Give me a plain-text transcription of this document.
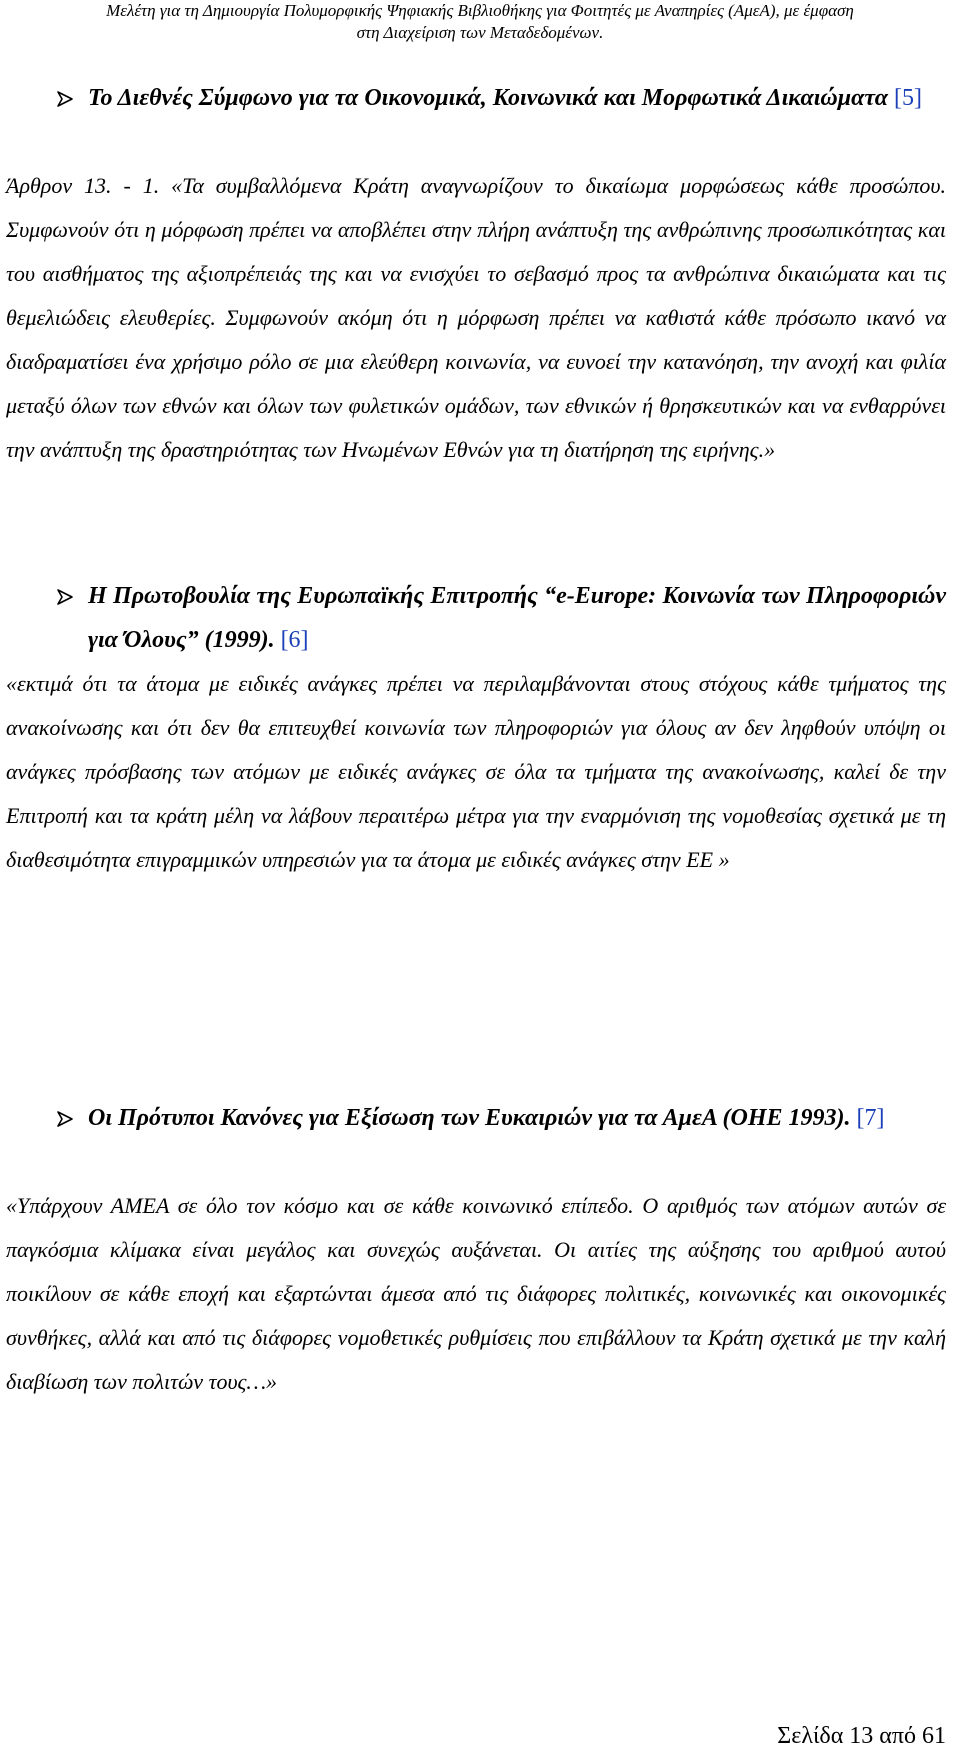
Μελέτη για τη Δημιουργία Πολυμορφικής Ψηφιακής Βιβλιοθήκης για Φοιτητές με Αναπηρίες (ΑμεΑ), με έμφαση
στη Διαχείριση των Μεταδεδομένων.
Το Διεθνές Σύμφωνο για τα Οικονομικά, Κοινωνικά και Μορφωτικά Δικαιώματα [5]
Άρθρον 13. - 1. «Τα συμβαλλόμενα Κράτη αναγνωρίζουν το δικαίωμα μορφώσεως κάθε προσώπου. Συμφωνούν ότι η μόρφωση πρέπει να αποβλέπει στην πλήρη ανάπτυξη της ανθρώπινης προσωπικότητας και του αισθήματος της αξιοπρέπειάς της και να ενισχύει το σεβασμό προς τα ανθρώπινα δικαιώματα και τις θεμελιώδεις ελευθερίες. Συμφωνούν ακόμη ότι η μόρφωση πρέπει να καθιστά κάθε πρόσωπο ικανό να διαδραματίσει ένα χρήσιμο ρόλο σε μια ελεύθερη κοινωνία, να ευνοεί την κατανόηση, την ανοχή και φιλία μεταξύ όλων των εθνών και όλων των φυλετικών ομάδων, των εθνικών ή θρησκευτικών και να ενθαρρύνει την ανάπτυξη της δραστηριότητας των Ηνωμένων Εθνών για τη διατήρηση της ειρήνης.»
Η Πρωτοβουλία της Ευρωπαϊκής Επιτροπής “e-Europe: Κοινωνία των Πληροφοριών για Όλους” (1999). [6]
«εκτιμά ότι τα άτομα με ειδικές ανάγκες πρέπει να περιλαμβάνονται στους στόχους κάθε τμήματος της ανακοίνωσης και ότι δεν θα επιτευχθεί κοινωνία των πληροφοριών για όλους αν δεν ληφθούν υπόψη οι ανάγκες πρόσβασης των ατόμων με ειδικές ανάγκες σε όλα τα τμήματα της ανακοίνωσης, καλεί δε την Επιτροπή και τα κράτη μέλη να λάβουν περαιτέρω μέτρα για την εναρμόνιση της νομοθεσίας σχετικά με τη διαθεσιμότητα επιγραμμικών υπηρεσιών για τα άτομα με ειδικές ανάγκες στην ΕΕ »
Οι Πρότυποι Κανόνες για Εξίσωση των Ευκαιριών για τα ΑμεΑ (ΟΗΕ 1993). [7]
«Υπάρχουν ΑΜΕΑ σε όλο τον κόσμο και σε κάθε κοινωνικό επίπεδο. Ο αριθμός των ατόμων αυτών σε παγκόσμια κλίμακα είναι μεγάλος και συνεχώς αυξάνεται. Οι αιτίες της αύξησης του αριθμού αυτού ποικίλουν σε κάθε εποχή και εξαρτώνται άμεσα από τις διάφορες πολιτικές, κοινωνικές και οικονομικές συνθήκες, αλλά και από τις διάφορες νομοθετικές ρυθμίσεις που επιβάλλουν τα Κράτη σχετικά με την καλή διαβίωση των πολιτών τους…»
Σελίδα 13 από 61
